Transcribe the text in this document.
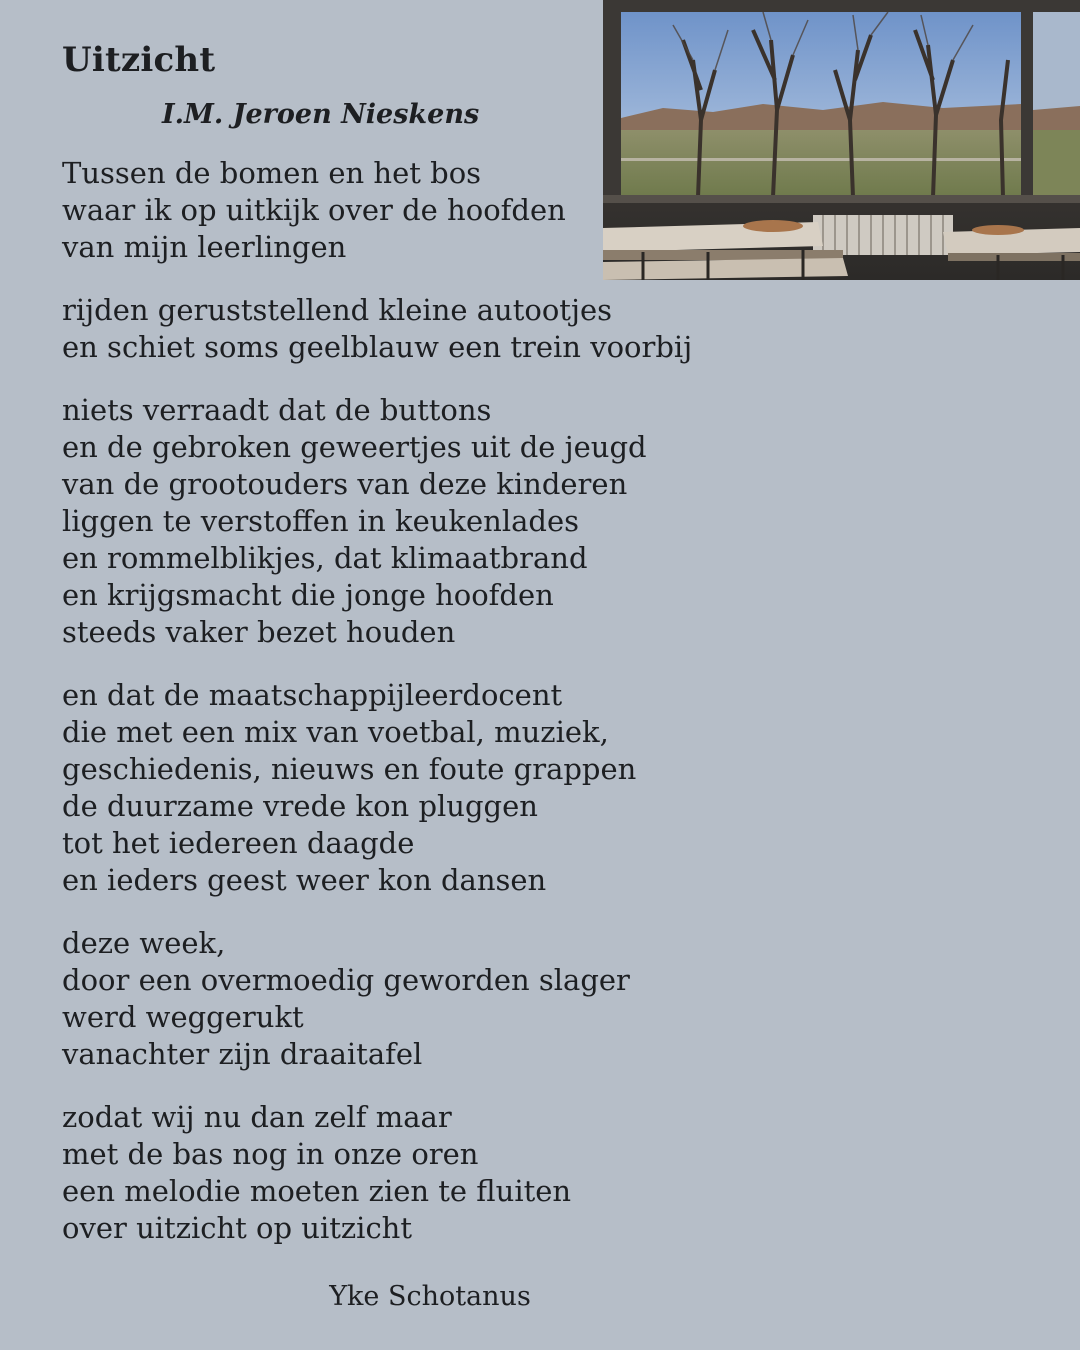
Uitzicht
I.M. Jeroen Nieskens
Tussen de bomen en het bos
waar ik op uitkijk over de hoofden
van mijn leerlingen
rijden geruststellend kleine autootjes
en schiet soms geelblauw een trein voorbij
niets verraadt dat de buttons
en de gebroken geweertjes uit de jeugd
van de grootouders van deze kinderen
liggen te verstoffen in keukenlades
en rommelblikjes, dat klimaatbrand
en krijgsmacht die jonge hoofden
steeds vaker bezet houden
en dat de maatschappijleerdocent
die met een mix van voetbal, muziek,
geschiedenis, nieuws en foute grappen
de duurzame vrede kon pluggen
tot het iedereen daagde
en ieders geest weer kon dansen
deze week,
door een overmoedig geworden slager
werd weggerukt
vanachter zijn draaitafel
zodat wij nu dan zelf maar
met de bas nog in onze oren
een melodie moeten zien te fluiten
over uitzicht op uitzicht
Yke Schotanus
